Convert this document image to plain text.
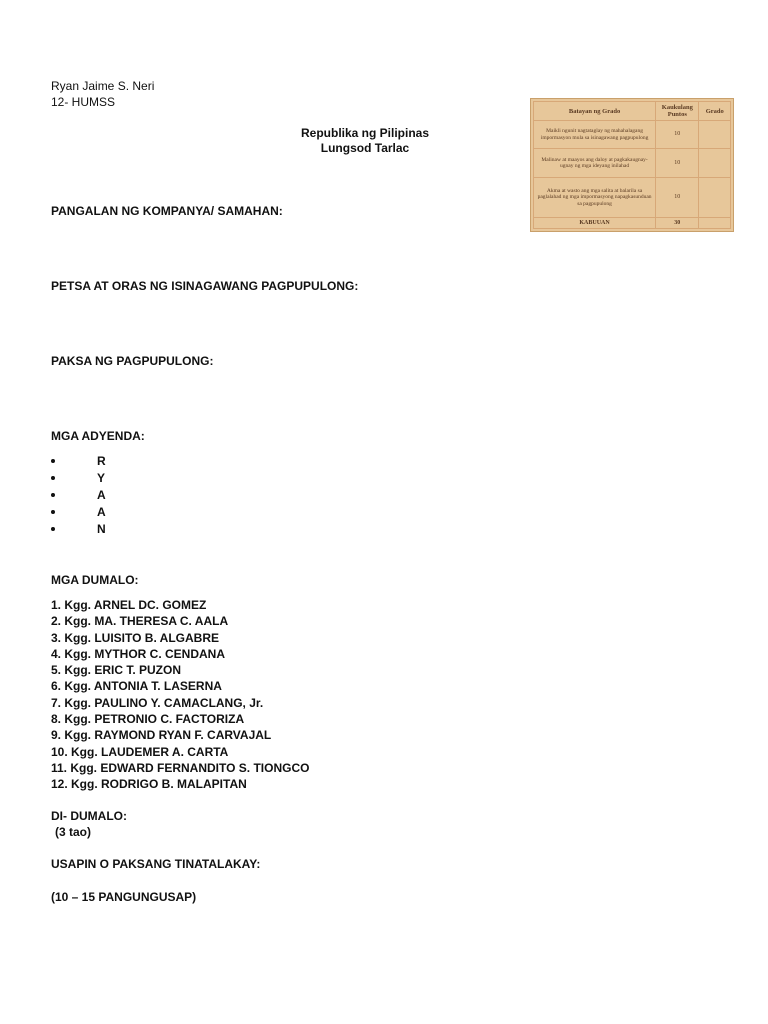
Ryan Jaime S. Neri

12- HUMSS

Republika ng Pilipinas

Lungsod Tarlac

Batayan ng Grado	Kaukulang Puntos	Grado
Maikli ngunit nagtataglay ng mahahalagang impormasyon mula sa isinagawang pagpupulong	10	
Malinaw at maayos ang daloy at pagkakaugnay-ugnay ng mga ideyang inilahad	10	
Akma at wasto ang mga salita at balarila sa paglalahad ng mga impormasyong napagkasunduan sa pagpupulong	10	
KABUUAN	30	

PANGALAN NG KOMPANYA/ SAMAHAN:

PETSA AT ORAS NG ISINAGAWANG PAGPUPULONG:

PAKSA NG PAGPUPULONG:

MGA ADYENDA:

R
Y
A
A
N

MGA DUMALO:

1. Kgg. ARNEL DC. GOMEZ
2. Kgg. MA. THERESA C. AALA
3. Kgg. LUISITO B. ALGABRE
4. Kgg. MYTHOR C. CENDANA
5. Kgg. ERIC T. PUZON
6. Kgg. ANTONIA T. LASERNA
7. Kgg. PAULINO Y. CAMACLANG, Jr.
8. Kgg. PETRONIO C. FACTORIZA
9. Kgg. RAYMOND RYAN F. CARVAJAL
10. Kgg. LAUDEMER A. CARTA
11. Kgg. EDWARD FERNANDITO S. TIONGCO
12. Kgg. RODRIGO B. MALAPITAN

DI- DUMALO:

(3 tao)

USAPIN O PAKSANG TINATALAKAY:

(10 – 15 PANGUNGUSAP)
